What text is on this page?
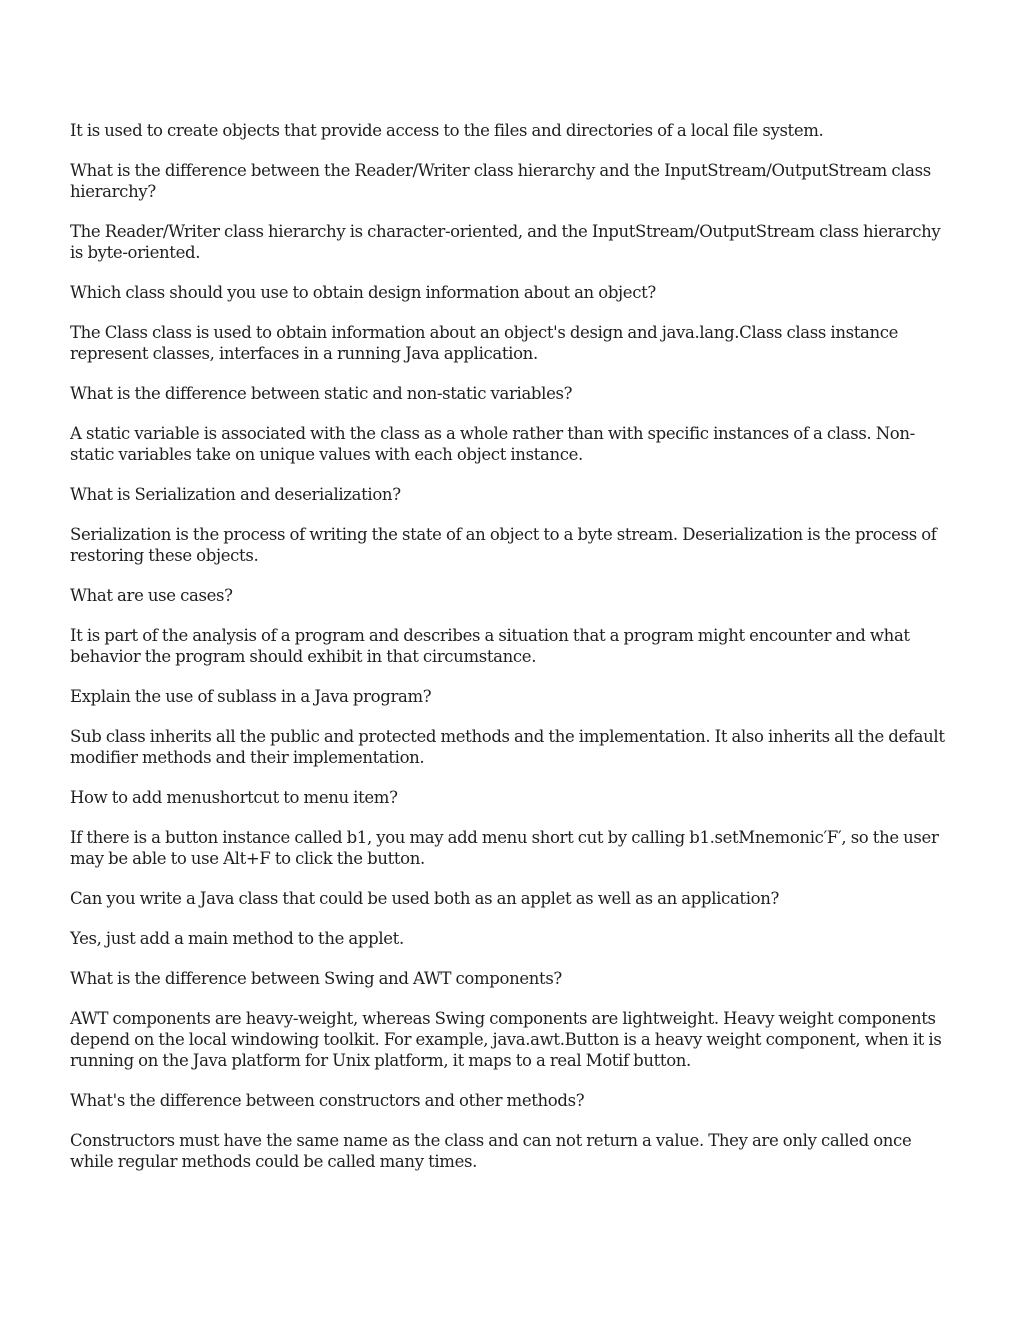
It is used to create objects that provide access to the files and directories of a local file system.

What is the difference between the Reader/Writer class hierarchy and the InputStream/OutputStream class hierarchy?

The Reader/Writer class hierarchy is character-oriented, and the InputStream/OutputStream class hierarchy is byte-oriented.

Which class should you use to obtain design information about an object?

The Class class is used to obtain information about an object's design and java.lang.Class class instance represent classes, interfaces in a running Java application.

What is the difference between static and non-static variables?

A static variable is associated with the class as a whole rather than with specific instances of a class. Non-static variables take on unique values with each object instance.

What is Serialization and deserialization?

Serialization is the process of writing the state of an object to a byte stream. Deserialization is the process of restoring these objects.

What are use cases?

It is part of the analysis of a program and describes a situation that a program might encounter and what behavior the program should exhibit in that circumstance.

Explain the use of sublass in a Java program?

Sub class inherits all the public and protected methods and the implementation. It also inherits all the default modifier methods and their implementation.

How to add menushortcut to menu item?

If there is a button instance called b1, you may add menu short cut by calling b1.setMnemonic′F′, so the user may be able to use Alt+F to click the button.

Can you write a Java class that could be used both as an applet as well as an application?

Yes, just add a main method to the applet.

What is the difference between Swing and AWT components?

AWT components are heavy-weight, whereas Swing components are lightweight. Heavy weight components depend on the local windowing toolkit. For example, java.awt.Button is a heavy weight component, when it is running on the Java platform for Unix platform, it maps to a real Motif button.

What's the difference between constructors and other methods?

Constructors must have the same name as the class and can not return a value. They are only called once while regular methods could be called many times.
